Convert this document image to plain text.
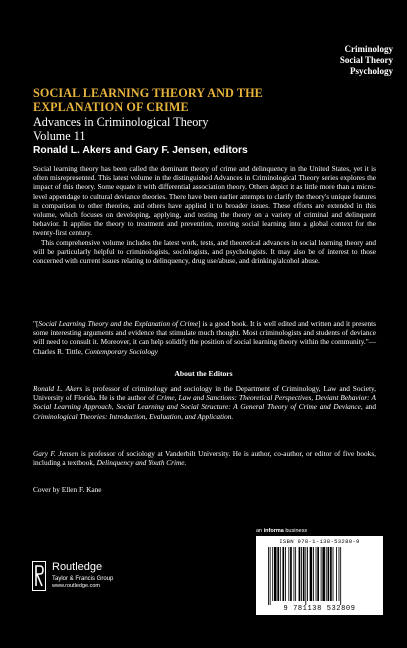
Criminology
Social Theory
Psychology
SOCIAL LEARNING THEORY AND THE
EXPLANATION OF CRIME
Advances in Criminological Theory
Volume 11
Ronald L. Akers and Gary F. Jensen, editors

Social learning theory has been called the dominant theory of crime and delinquency in the United States, yet it is often misrepresented. This latest volume in the distinguished Advances in Criminological Theory series explores the impact of this theory. Some equate it with differential association theory. Others depict it as little more than a micro-level appendage to cultural deviance theories. There have been earlier attempts to clarify the theory's unique features in comparison to other theories, and others have applied it to broader issues. These efforts are extended in this volume, which focuses on developing, applying, and testing the theory on a variety of criminal and delinquent behavior. It applies the theory to treatment and prevention, moving social learning into a global context for the twenty-first century.

This comprehensive volume includes the latest work, tests, and theoretical advances in social learning theory and will be particularly helpful to criminologists, sociologists, and psychologists. It may also be of interest to those concerned with current issues relating to delinquency, drug use/abuse, and drinking/alcohol abuse.

"[Social Learning Theory and the Explanation of Crime] is a good book. It is well edited and written and it presents some interesting arguments and evidence that stimulate much thought. Most criminologists and students of deviance will need to consult it. Moreover, it can help solidify the position of social learning theory within the community."—Charles R. Tittle, Contemporary Sociology

About the Editors

Ronald L. Akers is professor of criminology and sociology in the Department of Criminology, Law and Society, University of Florida. He is the author of Crime, Law and Sanctions: Theoretical Perspectives, Deviant Behavior: A Social Learning Approach, Social Learning and Social Structure: A General Theory of Crime and Deviance, and Criminological Theories: Introduction, Evaluation, and Application.

Gary F. Jensen is professor of sociology at Vanderbilt University. He is author, co-author, or editor of five books, including a textbook, Delinquency and Youth Crime.

Cover by Ellen F. Kane
Routledge
Taylor & Francis Group
www.routledge.com
an informa business
ISBN 978-1-138-53280-9
9 781138 532809
